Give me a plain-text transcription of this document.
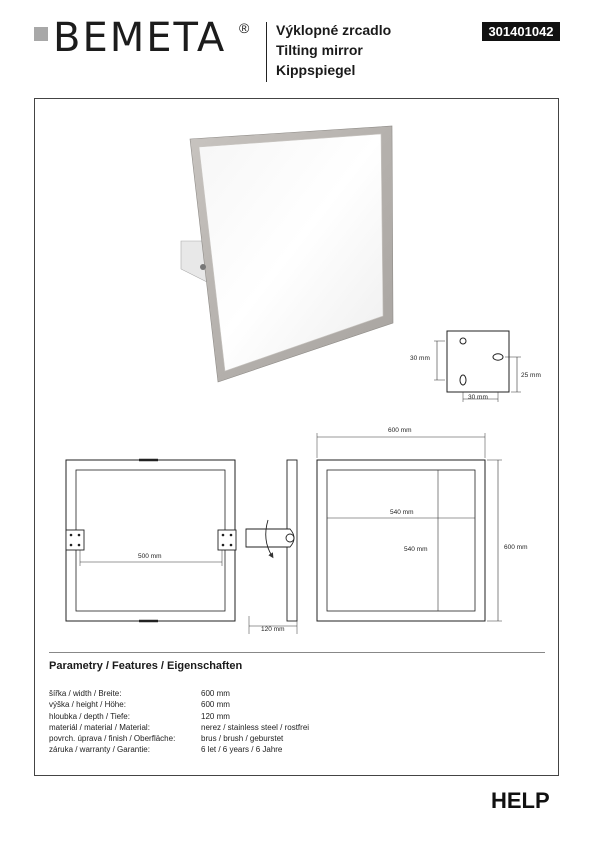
BEMETA ® Výklopné zrcadlo
Tilting mirror
Kippspiegel
301401042
30 mm
25 mm
30 mm
600 mm
540 mm
540 mm	600 mm
500 mm
120 mm
Parametry / Features / Eigenschaften
šířka / width / Breite:	600 mm
výška / height / Höhe:	600 mm
hloubka / depth / Tiefe:	120 mm
materiál / material / Material:	nerez / stainless steel / rostfrei
povrch. úprava / finish / Oberfläche:	brus / brush / geburstet
záruka / warranty / Garantie:	6 let / 6 years / 6 Jahre
HELP
